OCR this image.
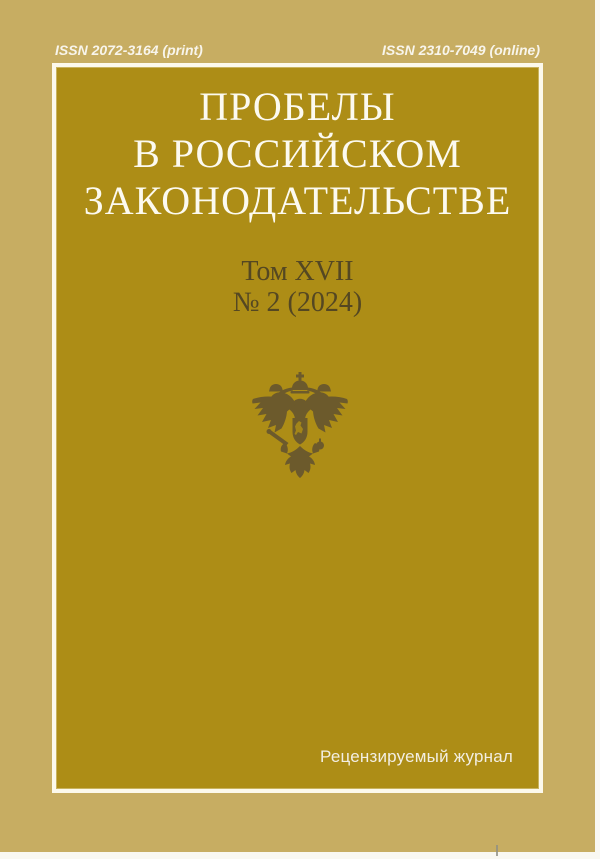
ISSN 2072-3164 (print)	ISSN 2310-7049 (online)
ПРОБЕЛЫ
В РОССИЙСКОМ
ЗАКОНОДАТЕЛЬСТВЕ
Том XVII
№ 2 (2024)
Рецензируемый журнал
